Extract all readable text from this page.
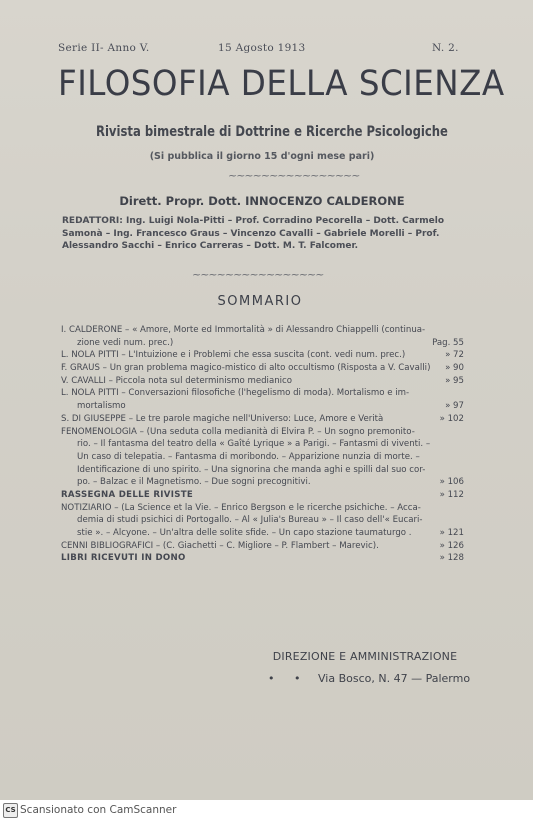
Serie II- Anno V.	15 Agosto 1913	N. 2.
FILOSOFIA DELLA SCIENZA
Rivista bimestrale di Dottrine e Ricerche Psicologiche
(Si pubblica il giorno 15 d'ogni mese pari)
~~~~~~~~~~~~~~~~
Dirett. Propr. Dott. INNOCENZO CALDERONE
REDATTORI: Ing. Luigi Nola-Pitti – Prof. Corradino Pecorella – Dott. Carmelo Samonà – Ing. Francesco Graus – Vincenzo Cavalli – Gabriele Morelli – Prof. Alessandro Sacchi – Enrico Carreras – Dott. M. T. Falcomer.
~~~~~~~~~~~~~~~~
SOMMARIO
I. CALDERONE – « Amore, Morte ed Immortalità » di Alessandro Chiappelli (continua-
zione vedi num. prec.)	Pag. 55
L. NOLA PITTI – L'Intuizione e i Problemi che essa suscita (cont. vedi num. prec.)	» 72
F. GRAUS – Un gran problema magico-mistico di alto occultismo (Risposta a V. Cavalli)	» 90
V. CAVALLI – Piccola nota sul determinismo medianico	» 95
L. NOLA PITTI – Conversazioni filosofiche (l'hegelismo di moda). Mortalismo e im-
mortalismo	» 97
S. DI GIUSEPPE – Le tre parole magiche nell'Universo: Luce, Amore e Verità	» 102
FENOMENOLOGIA – (Una seduta colla medianità di Elvira P. – Un sogno premonito-
rio. – Il fantasma del teatro della « Gaîté Lyrique » a Parigi. – Fantasmi di viventi. –
Un caso di telepatia. – Fantasma di moribondo. – Apparizione nunzia di morte. –
Identificazione di uno spirito. – Una signorina che manda aghi e spilli dal suo cor-
po. – Balzac e il Magnetismo. – Due sogni precognitivi.	» 106
RASSEGNA DELLE RIVISTE	» 112
NOTIZIARIO – (La Science et la Vie. – Enrico Bergson e le ricerche psichiche. – Acca-
demia di studi psichici di Portogallo. – Al « Julia's Bureau » – Il caso dell'« Eucari-
stie ». – Alcyone. – Un'altra delle solite sfide. – Un capo stazione taumaturgo .	» 121
CENNI BIBLIOGRAFICI – (C. Giachetti – C. Migliore – P. Flambert – Marevic).	» 126
LIBRI RICEVUTI IN DONO	» 128
DIREZIONE E AMMINISTRAZIONE
• • Via Bosco, N. 47 — Palermo
CS Scansionato con CamScanner
